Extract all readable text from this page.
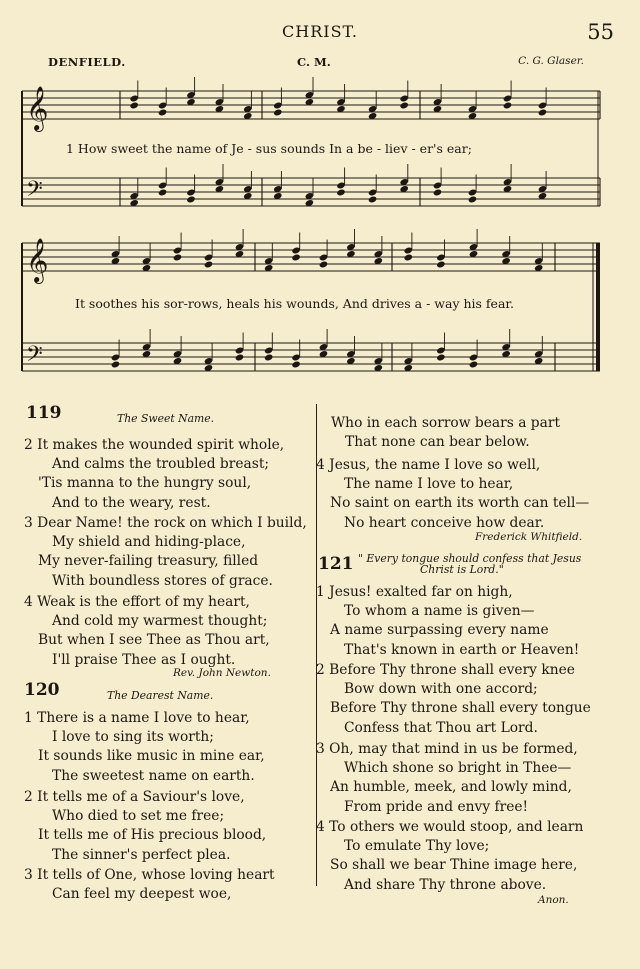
CHRIST.	55
DENFIELD.	C. M.	C. G. Glaser.
𝄞
𝄢
𝄞
𝄢
1 How sweet the name of Je - sus sounds In a be - liev - er's ear;
It soothes his sor-rows, heals his wounds, And drives a - way his fear.
119	The Sweet Name.
2 It makes the wounded spirit whole,
And calms the troubled breast;
'Tis manna to the hungry soul,
And to the weary, rest.
3 Dear Name! the rock on which I build,
My shield and hiding-place,
My never-failing treasury, filled
With boundless stores of grace.
4 Weak is the effort of my heart,
And cold my warmest thought;
But when I see Thee as Thou art,
I'll praise Thee as I ought.
Rev. John Newton.
120	The Dearest Name.
1 There is a name I love to hear,
I love to sing its worth;
It sounds like music in mine ear,
The sweetest name on earth.
2 It tells me of a Saviour's love,
Who died to set me free;
It tells me of His precious blood,
The sinner's perfect plea.
3 It tells of One, whose loving heart
Can feel my deepest woe,
Who in each sorrow bears a part
That none can bear below.
4 Jesus, the name I love so well,
The name I love to hear,
No saint on earth its worth can tell—
No heart conceive how dear.
Frederick Whitfield.
121 " Every tongue should confess that Jesus
Christ is Lord."
1 Jesus! exalted far on high,
To whom a name is given—
A name surpassing every name
That's known in earth or Heaven!
2 Before Thy throne shall every knee
Bow down with one accord;
Before Thy throne shall every tongue
Confess that Thou art Lord.
3 Oh, may that mind in us be formed,
Which shone so bright in Thee—
An humble, meek, and lowly mind,
From pride and envy free!
4 To others we would stoop, and learn
To emulate Thy love;
So shall we bear Thine image here,
And share Thy throne above.
Anon.
